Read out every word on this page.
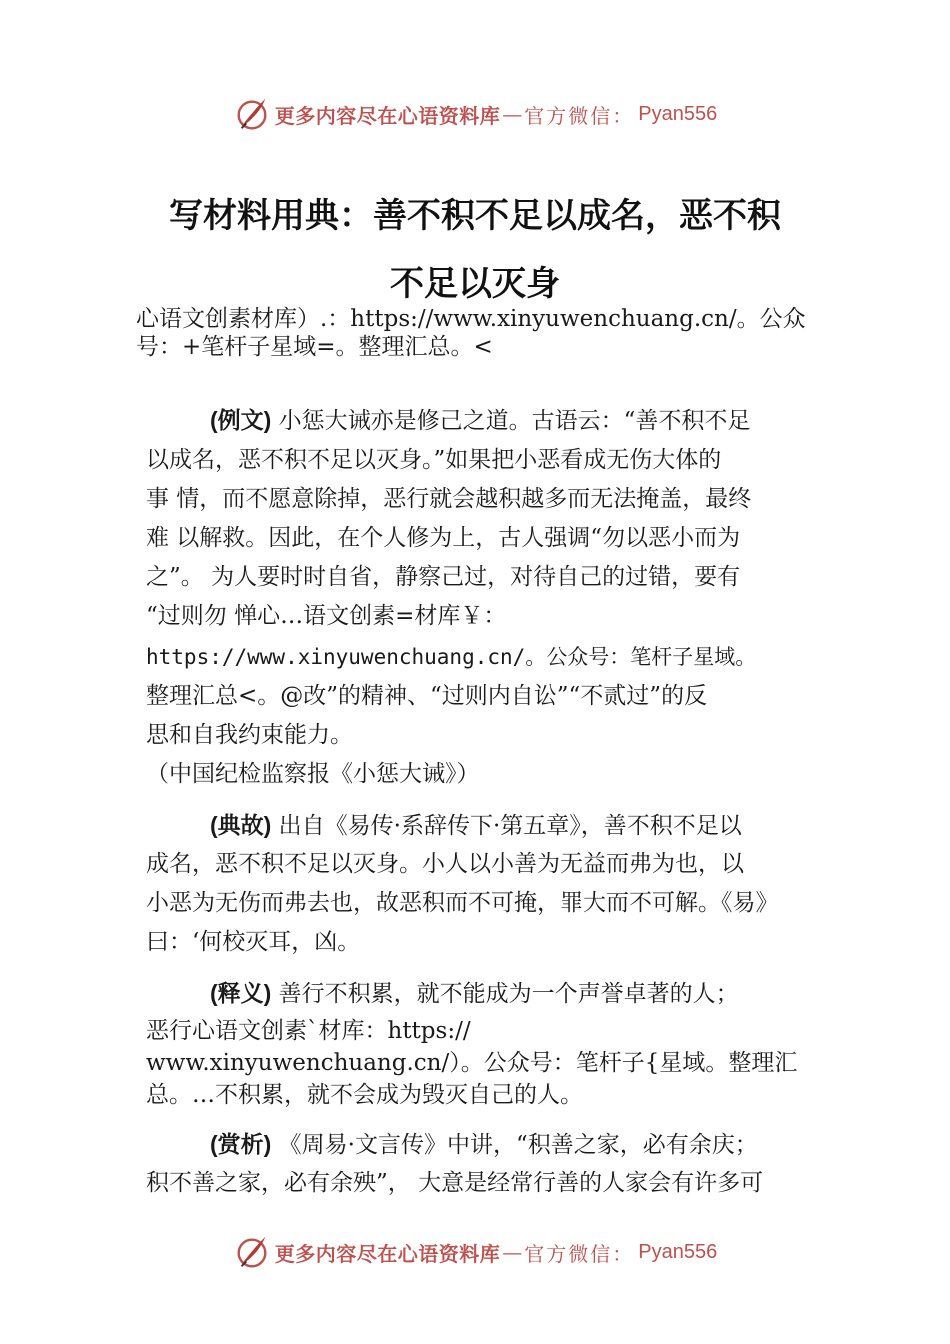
更多内容尽在心语资料库 — 官方微信： Pyan556
写材料用典：善不积不足以成名，恶不积
不足以灭身
心语文创素材库）.：https://www.xinyuwenchuang.cn/。公众
号：+笔杆子星域=。整理汇总。<
(例文) 小惩大诫亦是修己之道。古语云：“善不积不足
以成名，恶不积不足以灭身。”如果把小恶看成无伤大体的
事 情，而不愿意除掉，恶行就会越积越多而无法掩盖，最终
难 以解救。因此，在个人修为上，古人强调“勿以恶小而为
之”。 为人要时时自省，静察己过，对待自己的过错，要有
“过则勿 惮心…语文创素=材库￥：
https://www.xinyuwenchuang.cn/。公众号：笔杆子星域。
整理汇总<。@改”的精神、“过则内自讼”“不贰过”的反
思和自我约束能力。
（中国纪检监察报《小惩大诫》）
(典故) 出自《易传·系辞传下·第五章》，善不积不足以
成名，恶不积不足以灭身。小人以小善为无益而弗为也，以
小恶为无伤而弗去也，故恶积而不可掩，罪大而不可解。《易》
曰：‘何校灭耳，凶。
(释义) 善行不积累，就不能成为一个声誉卓著的人；
恶行心语文创素`材库：https://
www.xinyuwenchuang.cn/）。公众号：笔杆子{星域。整理汇
总。…不积累，就不会成为毁灭自己的人。
(赏析) 《周易·文言传》中讲，“积善之家，必有余庆；
积不善之家，必有余殃”， 大意是经常行善的人家会有许多可
更多内容尽在心语资料库 — 官方微信： Pyan556
